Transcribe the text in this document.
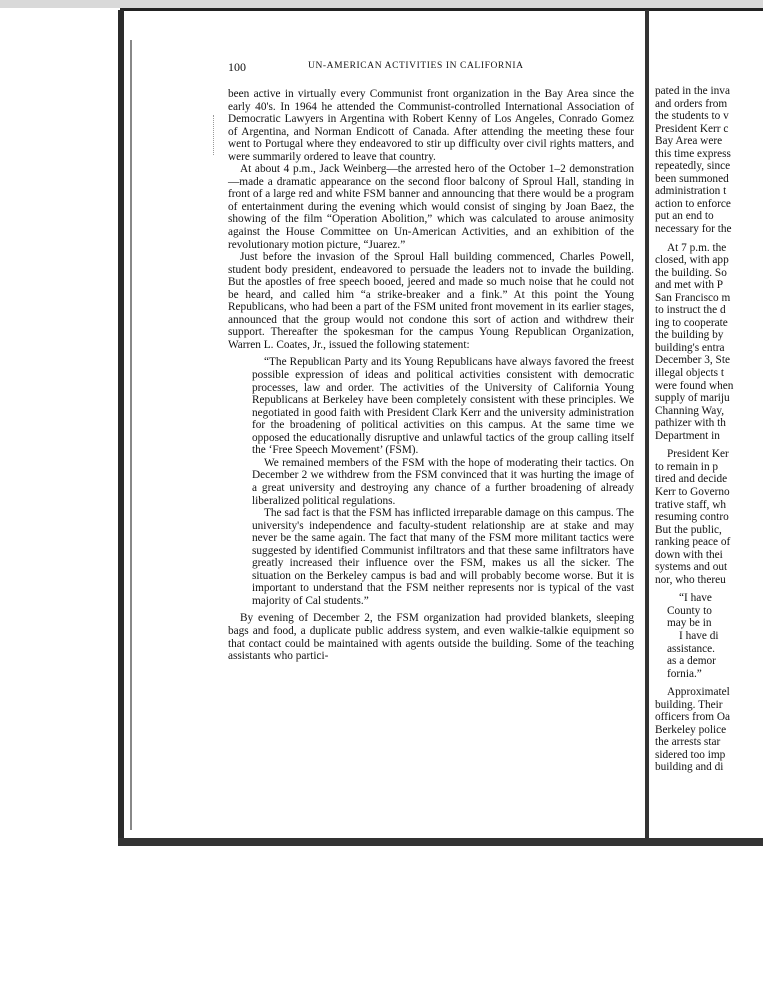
100	UN-AMERICAN ACTIVITIES IN CALIFORNIA

been active in virtually every Communist front organization in the Bay Area since the early 40's. In 1964 he attended the Communist-controlled International Association of Democratic Lawyers in Argentina with Robert Kenny of Los Angeles, Conrado Gomez of Argentina, and Norman Endicott of Canada. After attending the meeting these four went to Portugal where they endeavored to stir up difficulty over civil rights matters, and were summarily ordered to leave that country.

At about 4 p.m., Jack Weinberg—the arrested hero of the October 1–2 demonstration—made a dramatic appearance on the second floor balcony of Sproul Hall, standing in front of a large red and white FSM banner and announcing that there would be a program of entertainment during the evening which would consist of singing by Joan Baez, the showing of the film “Operation Abolition,” which was calculated to arouse animosity against the House Committee on Un-American Activities, and an exhibition of the revolutionary motion picture, “Juarez.”

Just before the invasion of the Sproul Hall building commenced, Charles Powell, student body president, endeavored to persuade the leaders not to invade the building. But the apostles of free speech booed, jeered and made so much noise that he could not be heard, and called him “a strike-breaker and a fink.” At this point the Young Republicans, who had been a part of the FSM united front movement in its earlier stages, announced that the group would not condone this sort of action and withdrew their support. Thereafter the spokesman for the campus Young Republican Organization, Warren L. Coates, Jr., issued the following statement:

“The Republican Party and its Young Republicans have always favored the freest possible expression of ideas and political activities consistent with democratic processes, law and order. The activities of the University of California Young Republicans at Berkeley have been completely consistent with these principles. We negotiated in good faith with President Clark Kerr and the university administration for the broadening of political activities on this campus. At the same time we opposed the educationally disruptive and unlawful tactics of the group calling itself the ‘Free Speech Movement’ (FSM).

We remained members of the FSM with the hope of moderating their tactics. On December 2 we withdrew from the FSM convinced that it was hurting the image of a great university and destroying any chance of a further broadening of already liberalized political regulations.

The sad fact is that the FSM has inflicted irreparable damage on this campus. The university's independence and faculty-student relationship are at stake and may never be the same again. The fact that many of the FSM more militant tactics were suggested by identified Communist infiltrators and that these same infiltrators have greatly increased their influence over the FSM, makes us all the sicker. The situation on the Berkeley campus is bad and will probably become worse. But it is important to understand that the FSM neither represents nor is typical of the vast majority of Cal students.”

By evening of December 2, the FSM organization had provided blankets, sleeping bags and food, a duplicate public address system, and even walkie-talkie equipment so that contact could be maintained with agents outside the building. Some of the teaching assistants who partici-

pated in the inva
and orders from
the students to v
President Kerr c
Bay Area were
this time express
repeatedly, since
been summoned
administration t
action to enforce
put an end to
necessary for the
At 7 p.m. the
closed, with app
the building. So
and met with P
San Francisco m
to instruct the d
ing to cooperate
the building by
building's entra
December 3, Ste
illegal objects t
were found when
supply of mariju
Channing Way,
pathizer with th
Department in
President Ker
to remain in p
tired and decide
Kerr to Governo
trative staff, wh
resuming contro
But the public,
ranking peace of
down with thei
systems and out
nor, who thereu
“I have
County to
may be in
I have di
assistance.
as a demor
fornia.”
Approximatel
building. Their
officers from Oa
Berkeley police
the arrests star
sidered too imp
building and di
